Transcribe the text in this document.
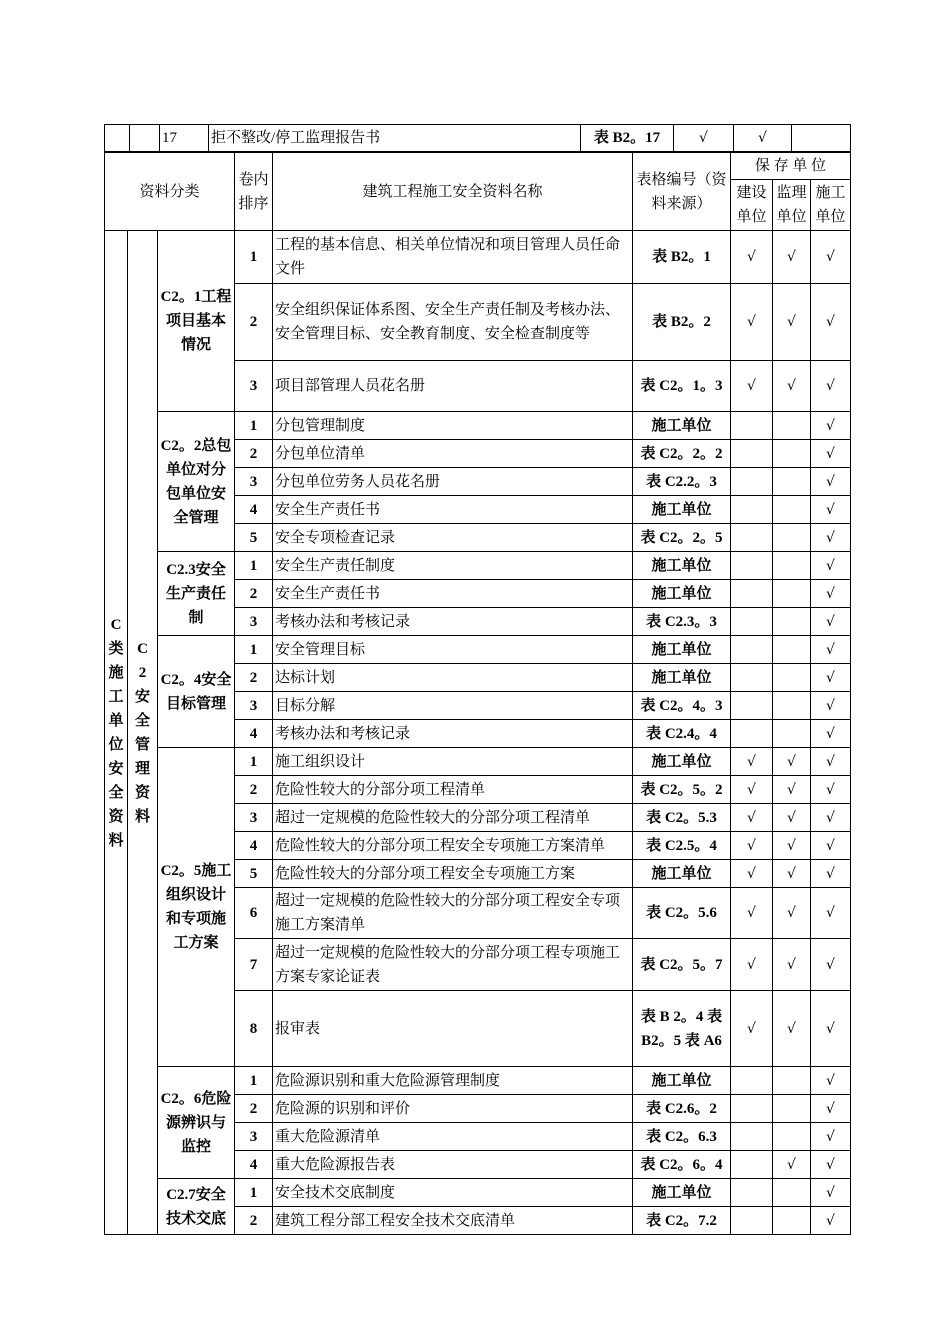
		17	拒不整改/停工监理报告书	表 B2。17	√	√	
资料分类			卷内排序	建筑工程施工安全资料名称	表格编号（资料来源）	保 存 单 位		
						建设单位	监理单位	施工单位

C类施工单位安全资料	C2安全管理资料	C2。1工程项目基本情况	1	工程的基本信息、相关单位情况和项目管理人员任命文件	表 B2。1	√	√	√
			2	安全组织保证体系图、安全生产责任制及考核办法、安全管理目标、安全教育制度、安全检查制度等	表 B2。2	√	√	√
			3	项目部管理人员花名册	表 C2。1。3	√	√	√
		C2。2总包单位对分包单位安全管理	1	分包管理制度	施工单位			√
			2	分包单位清单	表 C2。2。2			√
			3	分包单位劳务人员花名册	表 C2.2。3			√
			4	安全生产责任书	施工单位			√
			5	安全专项检查记录	表 C2。2。5			√
		C2.3安全生产责任制	1	安全生产责任制度	施工单位			√
			2	安全生产责任书	施工单位			√
			3	考核办法和考核记录	表 C2.3。3			√
		C2。4安全目标管理	1	安全管理目标	施工单位			√
			2	达标计划	施工单位			√
			3	目标分解	表 C2。4。3			√
			4	考核办法和考核记录	表 C2.4。4			√
		C2。5施工组织设计和专项施工方案	1	施工组织设计	施工单位	√	√	√
			2	危险性较大的分部分项工程清单	表 C2。5。2	√	√	√
			3	超过一定规模的危险性较大的分部分项工程清单	表 C2。5.3	√	√	√
			4	危险性较大的分部分项工程安全专项施工方案清单	表 C2.5。4	√	√	√
			5	危险性较大的分部分项工程安全专项施工方案	施工单位	√	√	√
			6	超过一定规模的危险性较大的分部分项工程安全专项施工方案清单	表 C2。5.6	√	√	√
			7	超过一定规模的危险性较大的分部分项工程专项施工方案专家论证表	表 C2。5。7	√	√	√
			8	报审表	表 B 2。4 表 B2。5 表 A6	√	√	√
		C2。6危险源辨识与监控	1	危险源识别和重大危险源管理制度	施工单位			√
			2	危险源的识别和评价	表 C2.6。2			√
			3	重大危险源清单	表 C2。6.3			√
			4	重大危险源报告表	表 C2。6。4		√	√
		C2.7安全技术交底	1	安全技术交底制度	施工单位			√
			2	建筑工程分部工程安全技术交底清单	表 C2。7.2			√
